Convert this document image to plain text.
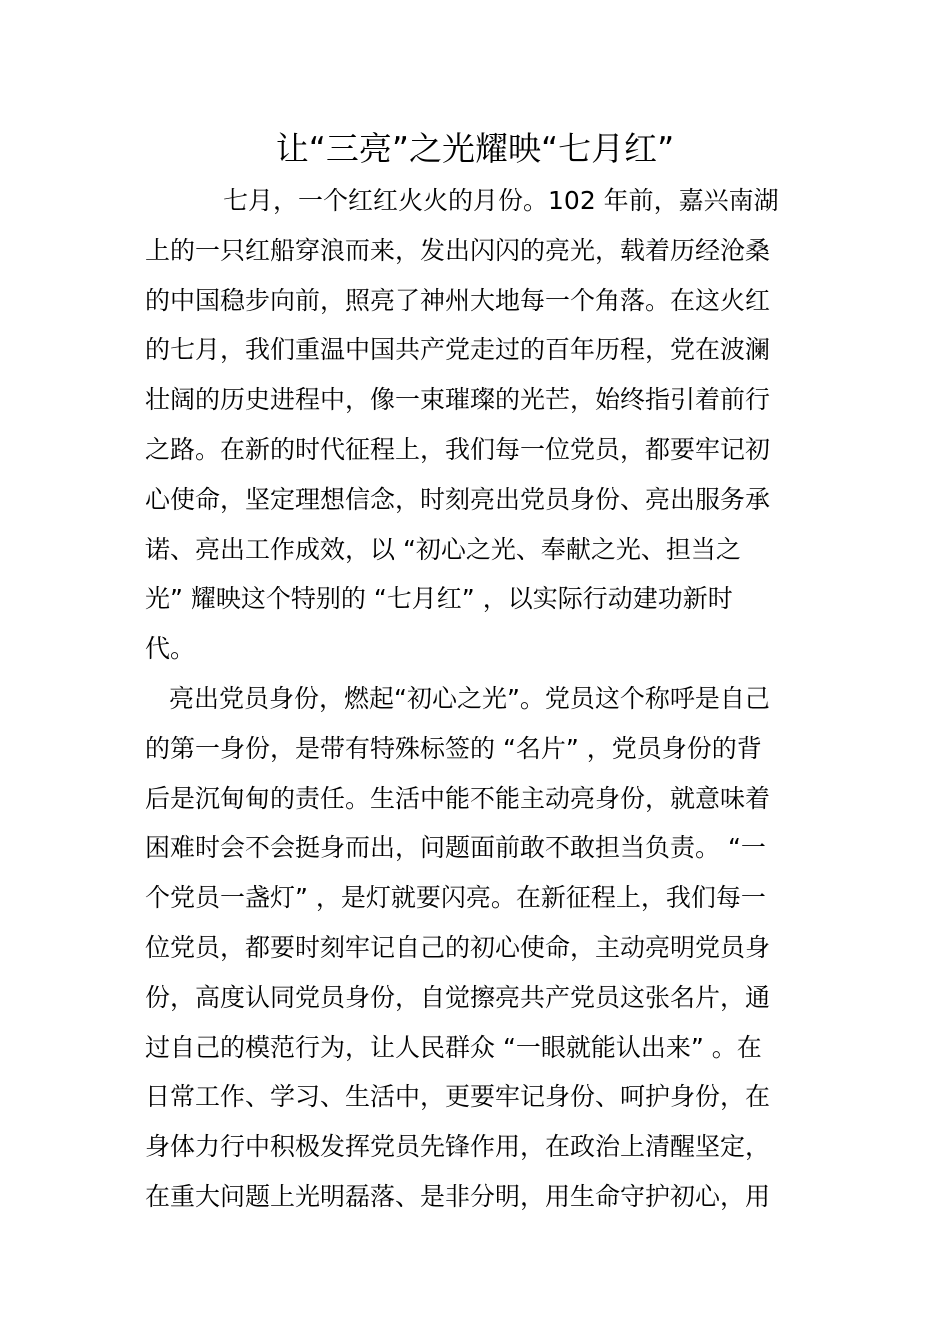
让“三亮”之光耀映“七月红”
七月，一个红红火火的月份。102 年前，嘉兴南湖
上的一只红船穿浪而来，发出闪闪的亮光，载着历经沧桑
的中国稳步向前，照亮了神州大地每一个角落。在这火红
的七月，我们重温中国共产党走过的百年历程，党在波澜
壮阔的历史进程中，像一束璀璨的光芒，始终指引着前行
之路。在新的时代征程上，我们每一位党员，都要牢记初
心使命，坚定理想信念，时刻亮出党员身份、亮出服务承
诺、亮出工作成效，以 “初心之光、奉献之光、担当之
光” 耀映这个特别的 “七月红” ，以实际行动建功新时
代。
亮出党员身份，燃起“初心之光”。党员这个称呼是自己
的第一身份，是带有特殊标签的 “名片” ，党员身份的背
后是沉甸甸的责任。生活中能不能主动亮身份，就意味着
困难时会不会挺身而出，问题面前敢不敢担当负责。 “一
个党员一盏灯” ，是灯就要闪亮。在新征程上，我们每一
位党员，都要时刻牢记自己的初心使命，主动亮明党员身
份，高度认同党员身份，自觉擦亮共产党员这张名片，通
过自己的模范行为，让人民群众 “一眼就能认出来” 。在
日常工作、学习、生活中，更要牢记身份、呵护身份，在
身体力行中积极发挥党员先锋作用，在政治上清醒坚定，
在重大问题上光明磊落、是非分明，用生命守护初心，用
